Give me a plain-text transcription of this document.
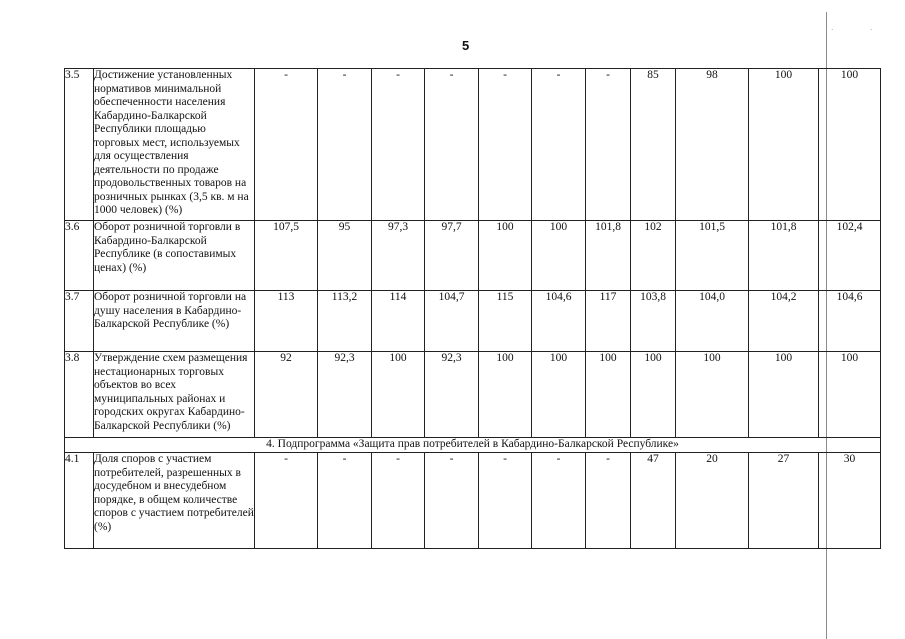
5
·	·
3.5	Достижение установленных нормативов минимальной обеспеченности населения Кабардино-Балкарской Республики площадью торговых мест, используемых для осуществления деятельности по продаже продовольственных товаров на розничных рынках (3,5 кв. м на 1000 человек) (%)	-	-	-	-	-	-	-	85	98	100	100
3.6	Оборот розничной торговли в Кабардино-Балкарской Республике (в сопоставимых ценах) (%)	107,5	95	97,3	97,7	100	100	101,8	102	101,5	101,8	102,4
3.7	Оборот розничной торговли на душу населения в Кабардино-Балкарской Республике (%)	113	113,2	114	104,7	115	104,6	117	103,8	104,0	104,2	104,6
3.8	Утверждение схем размещения нестационарных торговых объектов во всех муниципальных районах и городских округах Кабардино-Балкарской Республики (%)	92	92,3	100	92,3	100	100	100	100	100	100	100
4. Подпрограмма «Защита прав потребителей в Кабардино-Балкарской Республике»												
4.1	Доля споров с участием потребителей, разрешенных в досудебном и внесудебном порядке, в общем количестве споров с участием потребителей (%)	-	-	-	-	-	-	-	47	20	27	30
